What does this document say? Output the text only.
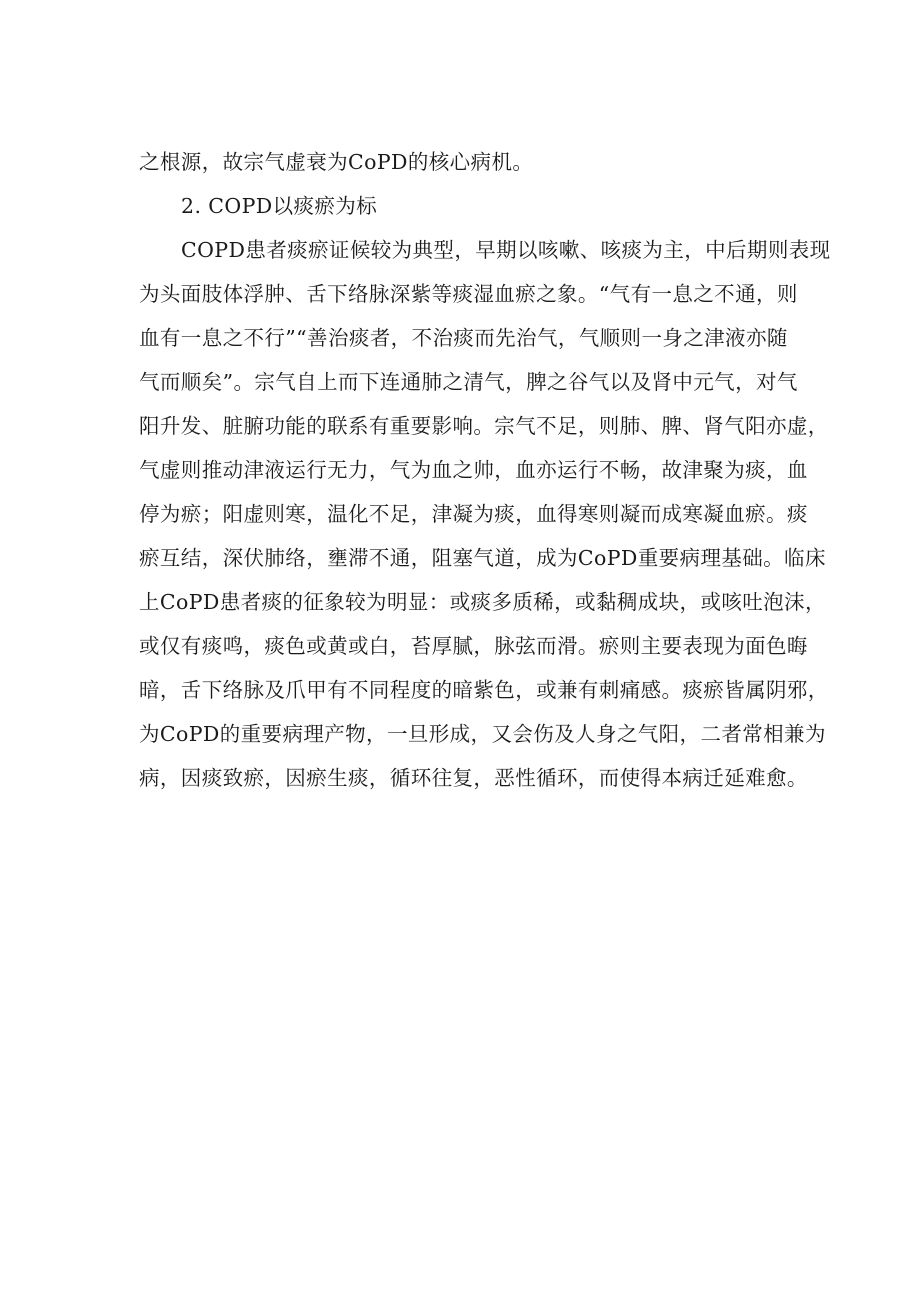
之根源，故宗气虚衰为CoPD的核心病机。
2. COPD以痰瘀为标
COPD患者痰瘀证候较为典型，早期以咳嗽、咳痰为主，中后期则表现
为头面肢体浮肿、舌下络脉深紫等痰湿血瘀之象。“气有一息之不通，则
血有一息之不行”“善治痰者，不治痰而先治气，气顺则一身之津液亦随
气而顺矣”。宗气自上而下连通肺之清气，脾之谷气以及肾中元气，对气
阳升发、脏腑功能的联系有重要影响。宗气不足，则肺、脾、肾气阳亦虚，
气虚则推动津液运行无力，气为血之帅，血亦运行不畅，故津聚为痰，血
停为瘀；阳虚则寒，温化不足，津凝为痰，血得寒则凝而成寒凝血瘀。痰
瘀互结，深伏肺络，壅滞不通，阻塞气道，成为CoPD重要病理基础。临床
上CoPD患者痰的征象较为明显：或痰多质稀，或黏稠成块，或咳吐泡沫，
或仅有痰鸣，痰色或黄或白，苔厚腻，脉弦而滑。瘀则主要表现为面色晦
暗，舌下络脉及爪甲有不同程度的暗紫色，或兼有刺痛感。痰瘀皆属阴邪，
为CoPD的重要病理产物，一旦形成，又会伤及人身之气阳，二者常相兼为
病，因痰致瘀，因瘀生痰，循环往复，恶性循环，而使得本病迁延难愈。
